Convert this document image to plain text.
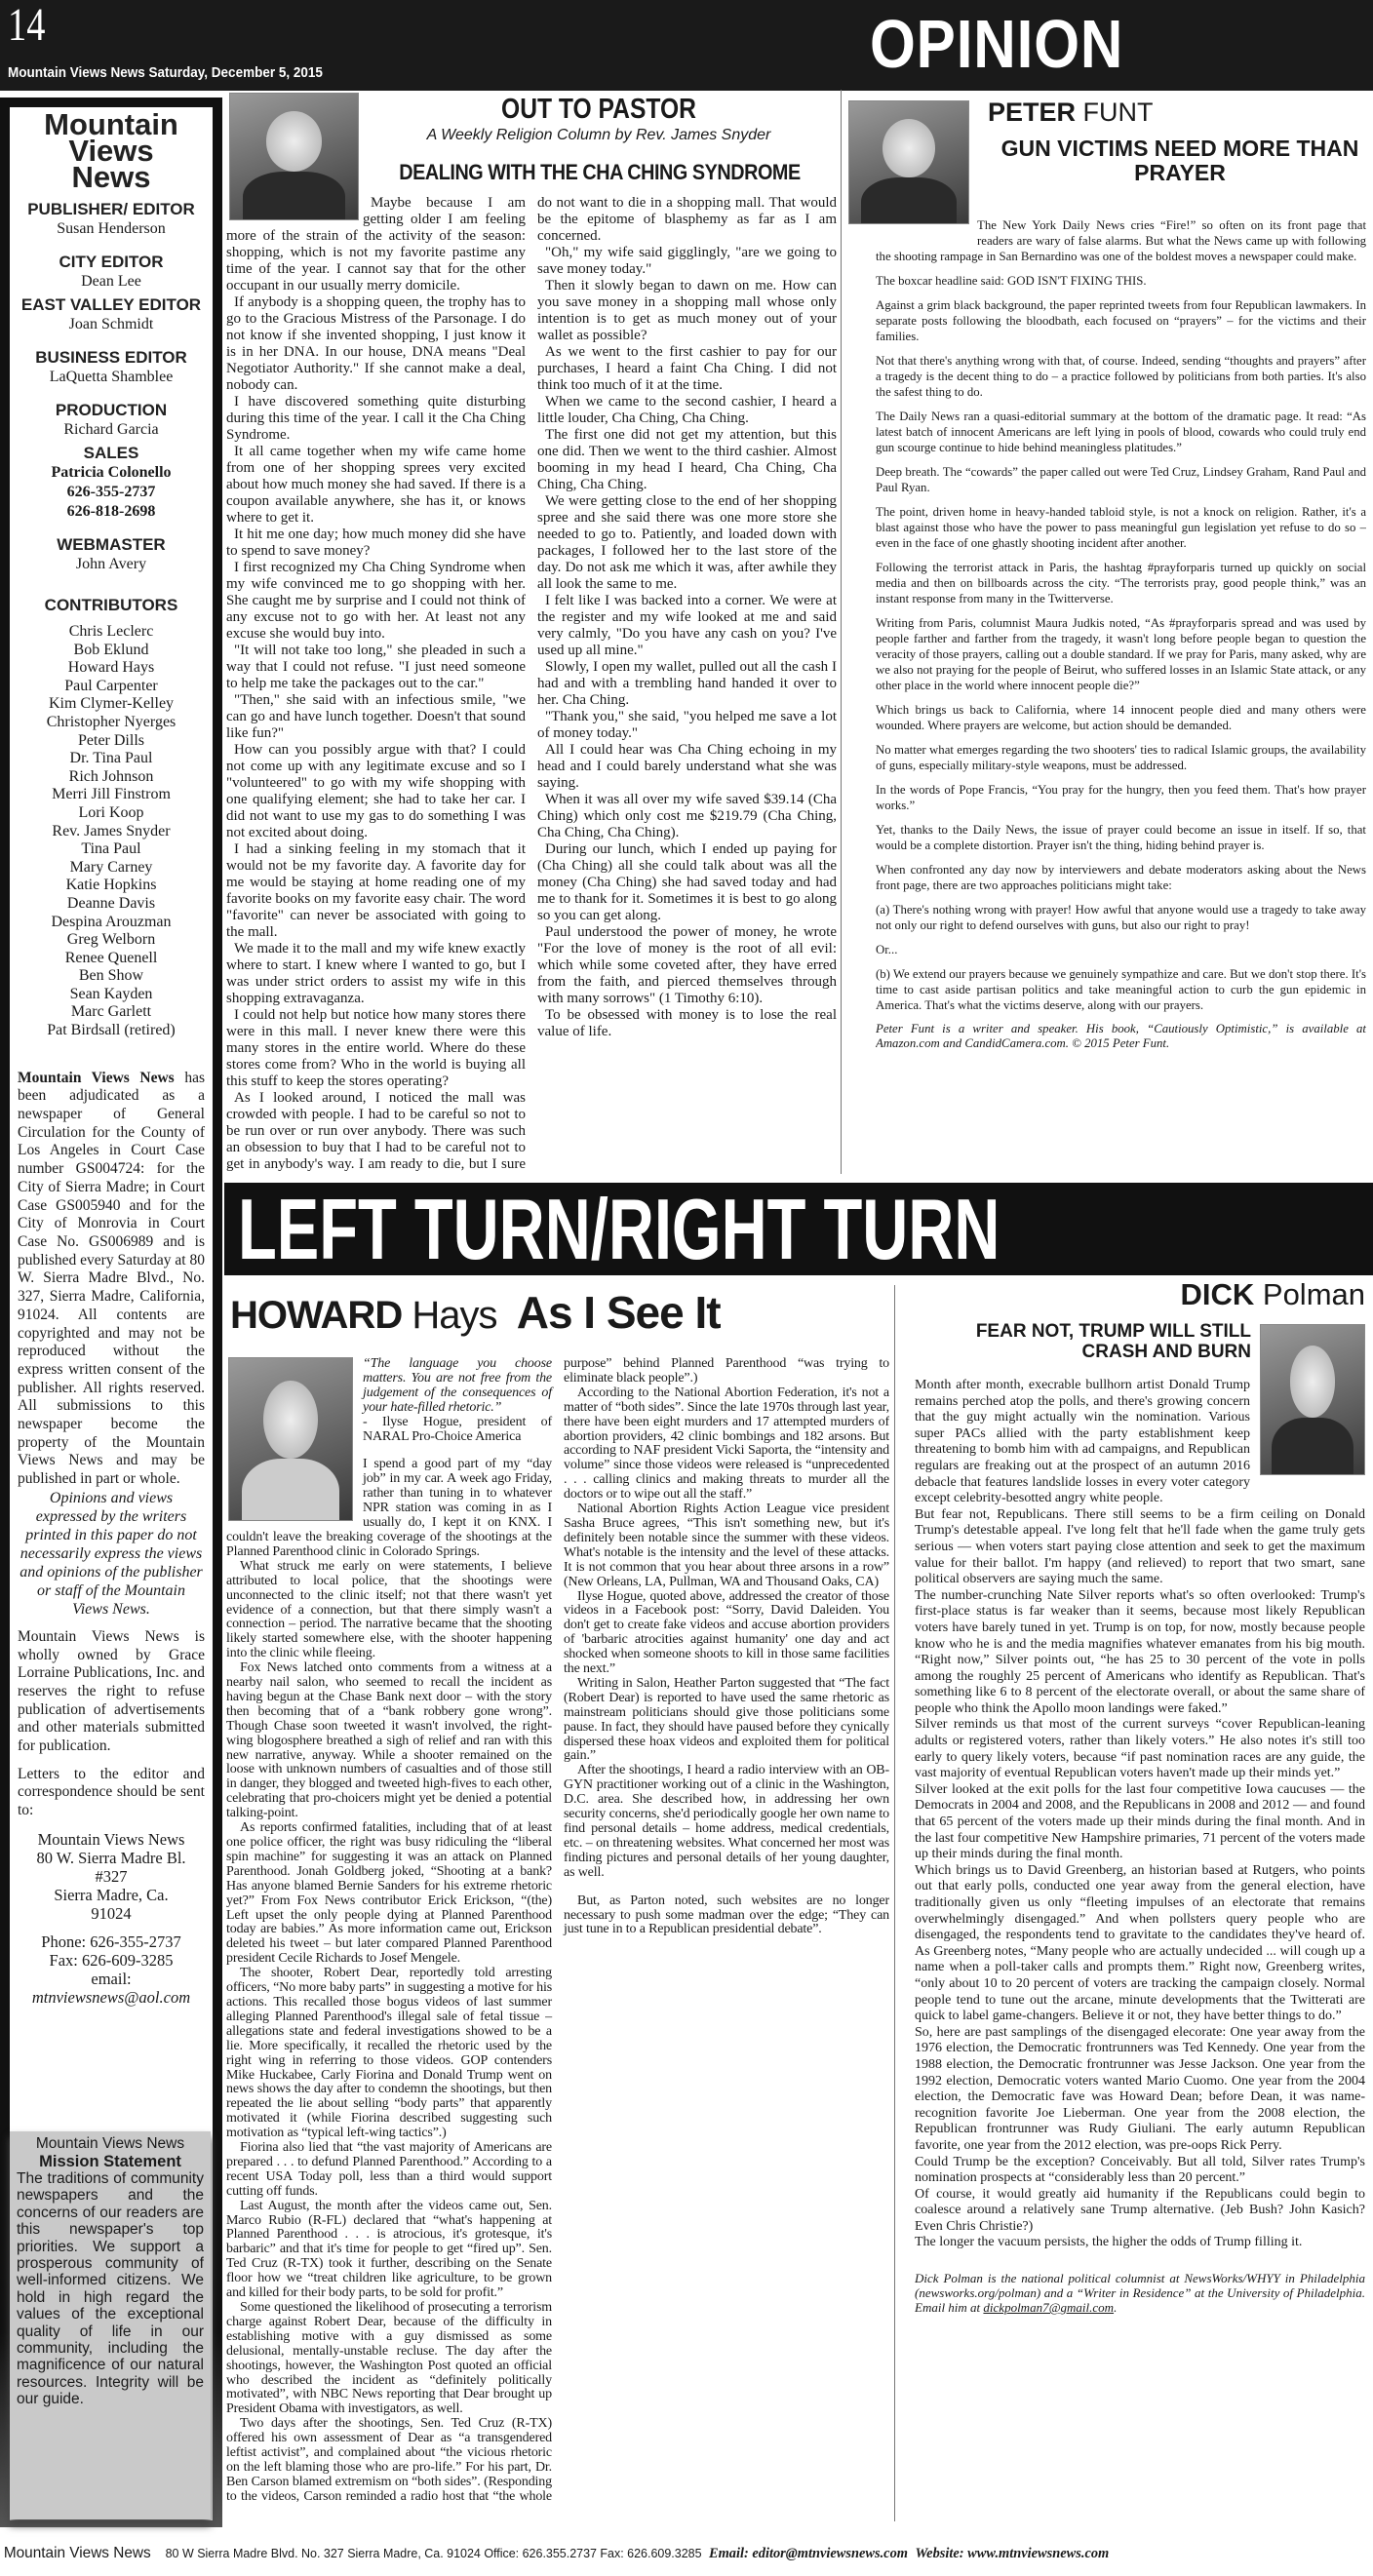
14
Mountain Views News Saturday, December 5, 2015	OPINION
Mountain
Views
News
PUBLISHER/ EDITOR
Susan Henderson
CITY EDITOR
Dean Lee
EAST VALLEY EDITOR
Joan Schmidt
BUSINESS EDITOR
LaQuetta Shamblee
PRODUCTION
Richard Garcia
SALES
Patricia Colonello
626-355-2737
626-818-2698
WEBMASTER
John Avery
CONTRIBUTORS
Chris Leclerc
Bob Eklund
Howard Hays
Paul Carpenter
Kim Clymer-Kelley
Christopher Nyerges
Peter Dills
Dr. Tina Paul
Rich Johnson
Merri Jill Finstrom
Lori Koop
Rev. James Snyder
Tina Paul
Mary Carney
Katie Hopkins
Deanne Davis
Despina Arouzman
Greg Welborn
Renee Quenell
Ben Show
Sean Kayden
Marc Garlett
Pat Birdsall (retired)

Mountain Views News has been adjudicated as a newspaper of General Circulation for the County of Los Angeles in Court Case number GS004724: for the City of Sierra Madre; in Court Case GS005940 and for the City of Monrovia in Court Case No. GS006989 and is published every Saturday at 80 W. Sierra Madre Blvd., No. 327, Sierra Madre, California, 91024. All contents are copyrighted and may not be reproduced without the express written consent of the publisher. All rights reserved. All submissions to this newspaper become the property of the Mountain Views News and may be published in part or whole.

Opinions and views expressed by the writers printed in this paper do not necessarily express the views and opinions of the publisher or staff of the Mountain Views News.

Mountain Views News is wholly owned by Grace Lorraine Publications, Inc. and reserves the right to refuse publication of advertisements and other materials submitted for publication.

Letters to the editor and correspondence should be sent to:

Mountain Views News
80 W. Sierra Madre Bl.
#327
Sierra Madre, Ca.
91024
Phone: 626-355-2737
Fax: 626-609-3285
email:
mtnviewsnews@aol.com
Mountain Views News
Mission Statement

The traditions of community newspapers and the concerns of our readers are this newspaper's top priorities. We support a prosperous community of well-informed citizens. We hold in high regard the values of the exceptional quality of life in our community, including the magnificence of our natural resources. Integrity will be our guide.

OUT TO PASTOR
A Weekly Religion Column by Rev. James Snyder
DEALING WITH THE CHA CHING SYNDROME

Maybe because I am getting older I am feeling more of the strain of the activity of the season: shopping, which is not my favorite pastime any time of the year. I cannot say that for the other occupant in our usually merry domicile.

If anybody is a shopping queen, the trophy has to go to the Gracious Mistress of the Parsonage. I do not know if she invented shopping, I just know it is in her DNA. In our house, DNA means "Deal Negotiator Authority." If she cannot make a deal, nobody can.

I have discovered something quite disturbing during this time of the year. I call it the Cha Ching Syndrome.

It all came together when my wife came home from one of her shopping sprees very excited about how much money she had saved. If there is a coupon available anywhere, she has it, or knows where to get it.

It hit me one day; how much money did she have to spend to save money?

I first recognized my Cha Ching Syndrome when my wife convinced me to go shopping with her. She caught me by surprise and I could not think of any excuse not to go with her. At least not any excuse she would buy into.

"It will not take too long," she pleaded in such a way that I could not refuse. "I just need someone to help me take the packages out to the car."

"Then," she said with an infectious smile, "we can go and have lunch together. Doesn't that sound like fun?"

How can you possibly argue with that? I could not come up with any legitimate excuse and so I "volunteered" to go with my wife shopping with one qualifying element; she had to take her car. I did not want to use my gas to do something I was not excited about doing.

I had a sinking feeling in my stomach that it would not be my favorite day. A favorite day for me would be staying at home reading one of my favorite books on my favorite easy chair. The word "favorite" can never be associated with going to the mall.

We made it to the mall and my wife knew exactly where to start. I knew where I wanted to go, but I was under strict orders to assist my wife in this shopping extravaganza.

I could not help but notice how many stores there were in this mall. I never knew there were this many stores in the entire world. Where do these stores come from? Who in the world is buying all this stuff to keep the stores operating?

As I looked around, I noticed the mall was crowded with people. I had to be careful so not to be run over or run over anybody. There was such an obsession to buy that I had to be careful not to get in anybody's way. I am ready to die, but I sure do not want to die in a shopping mall. That would be the epitome of blasphemy as far as I am concerned.

"Oh," my wife said gigglingly, "are we going to save money today."

Then it slowly began to dawn on me. How can you save money in a shopping mall whose only intention is to get as much money out of your wallet as possible?

As we went to the first cashier to pay for our purchases, I heard a faint Cha Ching. I did not think too much of it at the time.

When we came to the second cashier, I heard a little louder, Cha Ching, Cha Ching.

The first one did not get my attention, but this one did. Then we went to the third cashier. Almost booming in my head I heard, Cha Ching, Cha Ching, Cha Ching.

We were getting close to the end of her shopping spree and she said there was one more store she needed to go to. Patiently, and loaded down with packages, I followed her to the last store of the day. Do not ask me which it was, after awhile they all look the same to me.

I felt like I was backed into a corner. We were at the register and my wife looked at me and said very calmly, "Do you have any cash on you? I've used up all mine."

Slowly, I open my wallet, pulled out all the cash I had and with a trembling hand handed it over to her. Cha Ching.

"Thank you," she said, "you helped me save a lot of money today."

All I could hear was Cha Ching echoing in my head and I could barely understand what she was saying.

When it was all over my wife saved $39.14 (Cha Ching) which only cost me $219.79 (Cha Ching, Cha Ching, Cha Ching).

During our lunch, which I ended up paying for (Cha Ching) all she could talk about was all the money (Cha Ching) she had saved today and had me to thank for it. Sometimes it is best to go along so you can get along.

Paul understood the power of money, he wrote "For the love of money is the root of all evil: which while some coveted after, they have erred from the faith, and pierced themselves through with many sorrows" (1 Timothy 6:10).

To be obsessed with money is to lose the real value of life.

PETER FUNT
GUN VICTIMS NEED MORE THAN PRAYER

The New York Daily News cries “Fire!” so often on its front page that readers are wary of false alarms. But what the News came up with following the shooting rampage in San Bernardino was one of the boldest moves a newspaper could make.

The boxcar headline said: GOD ISN'T FIXING THIS.

Against a grim black background, the paper reprinted tweets from four Republican lawmakers. In separate posts following the bloodbath, each focused on “prayers” – for the victims and their families.

Not that there's anything wrong with that, of course. Indeed, sending “thoughts and prayers” after a tragedy is the decent thing to do – a practice followed by politicians from both parties. It's also the safest thing to do.

The Daily News ran a quasi-editorial summary at the bottom of the dramatic page. It read: “As latest batch of innocent Americans are left lying in pools of blood, cowards who could truly end gun scourge continue to hide behind meaningless platitudes.”

Deep breath. The “cowards” the paper called out were Ted Cruz, Lindsey Graham, Rand Paul and Paul Ryan.

The point, driven home in heavy-handed tabloid style, is not a knock on religion. Rather, it's a blast against those who have the power to pass meaningful gun legislation yet refuse to do so – even in the face of one ghastly shooting incident after another.

Following the terrorist attack in Paris, the hashtag #prayforparis turned up quickly on social media and then on billboards across the city. “The terrorists pray, good people think,” was an instant response from many in the Twitterverse.

Writing from Paris, columnist Maura Judkis noted, “As #prayforparis spread and was used by people farther and farther from the tragedy, it wasn't long before people began to question the veracity of those prayers, calling out a double standard. If we pray for Paris, many asked, why are we also not praying for the people of Beirut, who suffered losses in an Islamic State attack, or any other place in the world where innocent people die?”

Which brings us back to California, where 14 innocent people died and many others were wounded. Where prayers are welcome, but action should be demanded.

No matter what emerges regarding the two shooters' ties to radical Islamic groups, the availability of guns, especially military-style weapons, must be addressed.

In the words of Pope Francis, “You pray for the hungry, then you feed them. That's how prayer works.”

Yet, thanks to the Daily News, the issue of prayer could become an issue in itself. If so, that would be a complete distortion. Prayer isn't the thing, hiding behind prayer is.

When confronted any day now by interviewers and debate moderators asking about the News front page, there are two approaches politicians might take:

(a) There's nothing wrong with prayer! How awful that anyone would use a tragedy to take away not only our right to defend ourselves with guns, but also our right to pray!

Or...

(b) We extend our prayers because we genuinely sympathize and care. But we don't stop there. It's time to cast aside partisan politics and take meaningful action to curb the gun epidemic in America. That's what the victims deserve, along with our prayers.

Peter Funt is a writer and speaker. His book, “Cautiously Optimistic,” is available at Amazon.com and CandidCamera.com. © 2015 Peter Funt.

LEFT TURN/RIGHT TURN
HOWARD Hays As I See It

“The language you choose matters. You are not free from the judgement of the consequences of your hate-filled rhetoric.”

- Ilyse Hogue, president of NARAL Pro-Choice America

I spend a good part of my “day job” in my car. A week ago Friday, rather than tuning in to whatever NPR station was coming in as I usually do, I kept it on KNX. I couldn't leave the breaking coverage of the shootings at the Planned Parenthood clinic in Colorado Springs.

What struck me early on were statements, I believe attributed to local police, that the shootings were unconnected to the clinic itself; not that there wasn't yet evidence of a connection, but that there simply wasn't a connection – period. The narrative became that the shooting likely started somewhere else, with the shooter happening into the clinic while fleeing.

Fox News latched onto comments from a witness at a nearby nail salon, who seemed to recall the incident as having begun at the Chase Bank next door – with the story then becoming that of a “bank robbery gone wrong”. Though Chase soon tweeted it wasn't involved, the right-wing blogosphere breathed a sigh of relief and ran with this new narrative, anyway. While a shooter remained on the loose with unknown numbers of casualties and of those still in danger, they blogged and tweeted high-fives to each other, celebrating that pro-choicers might yet be denied a potential talking-point.

As reports confirmed fatalities, including that of at least one police officer, the right was busy ridiculing the “liberal spin machine” for suggesting it was an attack on Planned Parenthood. Jonah Goldberg joked, “Shooting at a bank? Has anyone blamed Bernie Sanders for his extreme rhetoric yet?” From Fox News contributor Erick Erickson, “(the) Left upset the only people dying at Planned Parenthood today are babies.” As more information came out, Erickson deleted his tweet – but later compared Planned Parenthood president Cecile Richards to Josef Mengele.

The shooter, Robert Dear, reportedly told arresting officers, “No more baby parts” in suggesting a motive for his actions. This recalled those bogus videos of last summer alleging Planned Parenthood's illegal sale of fetal tissue – allegations state and federal investigations showed to be a lie. More specifically, it recalled the rhetoric used by the right wing in referring to those videos. GOP contenders Mike Huckabee, Carly Fiorina and Donald Trump went on news shows the day after to condemn the shootings, but then repeated the lie about selling “body parts” that apparently motivated it (while Fiorina described suggesting such motivation as “typical left-wing tactics”.)

Fiorina also lied that “the vast majority of Americans are prepared . . . to defund Planned Parenthood.” According to a recent USA Today poll, less than a third would support cutting off funds.

Last August, the month after the videos came out, Sen. Marco Rubio (R-FL) declared that “what's happening at Planned Parenthood . . . is atrocious, it's grotesque, it's barbaric” and that it's time for people to get “fired up”. Sen. Ted Cruz (R-TX) took it further, describing on the Senate floor how we “treat children like agriculture, to be grown and killed for their body parts, to be sold for profit.”

Some questioned the likelihood of prosecuting a terrorism charge against Robert Dear, because of the difficulty in establishing motive with a guy dismissed as some delusional, mentally-unstable recluse. The day after the shootings, however, the Washington Post quoted an official who described the incident as “definitely politically motivated”, with NBC News reporting that Dear brought up President Obama with investigators, as well.

Two days after the shootings, Sen. Ted Cruz (R-TX) offered his own assessment of Dear as “a transgendered leftist activist”, and complained about “the vicious rhetoric on the left blaming those who are pro-life.” For his part, Dr. Ben Carson blamed extremism on “both sides”. (Responding to the videos, Carson reminded a radio host that “the whole purpose” behind Planned Parenthood “was trying to eliminate black people”.)

According to the National Abortion Federation, it's not a matter of “both sides”. Since the late 1970s through last year, there have been eight murders and 17 attempted murders of abortion providers, 42 clinic bombings and 182 arsons. But according to NAF president Vicki Saporta, the “intensity and volume” since those videos were released is “unprecedented . . . calling clinics and making threats to murder all the doctors or to wipe out all the staff.”

National Abortion Rights Action League vice president Sasha Bruce agrees, “This isn't something new, but it's definitely been notable since the summer with these videos. What's notable is the intensity and the level of these attacks. It is not common that you hear about three arsons in a row” (New Orleans, LA, Pullman, WA and Thousand Oaks, CA)

Ilyse Hogue, quoted above, addressed the creator of those videos in a Facebook post: “Sorry, David Daleiden. You don't get to create fake videos and accuse abortion providers of 'barbaric atrocities against humanity' one day and act shocked when someone shoots to kill in those same facilities the next.”

Writing in Salon, Heather Parton suggested that “The fact (Robert Dear) is reported to have used the same rhetoric as mainstream politicians should give those politicians some pause. In fact, they should have paused before they cynically dispersed these hoax videos and exploited them for political gain.”

After the shootings, I heard a radio interview with an OB-GYN practitioner working out of a clinic in the Washington, D.C. area. She described how, in addressing her own security concerns, she'd periodically google her own name to find personal details – home address, medical credentials, etc. – on threatening websites. What concerned her most was finding pictures and personal details of her young daughter, as well.

But, as Parton noted, such websites are no longer necessary to push some madman over the edge; “They can just tune in to a Republican presidential debate”.

DICK Polman
FEAR NOT, TRUMP WILL STILL CRASH AND BURN

Month after month, execrable bullhorn artist Donald Trump remains perched atop the polls, and there's growing concern that the guy might actually win the nomination. Various super PACs allied with the party establishment keep threatening to bomb him with ad campaigns, and Republican regulars are freaking out at the prospect of an autumn 2016 debacle that features landslide losses in every voter category except celebrity-besotted angry white people.

But fear not, Republicans. There still seems to be a firm ceiling on Donald Trump's detestable appeal. I've long felt that he'll fade when the game truly gets serious — when voters start paying close attention and seek to get the maximum value for their ballot. I'm happy (and relieved) to report that two smart, sane political observers are saying much the same.

The number-crunching Nate Silver reports what's so often overlooked: Trump's first-place status is far weaker than it seems, because most likely Republican voters have barely tuned in yet. Trump is on top, for now, mostly because people know who he is and the media magnifies whatever emanates from his big mouth. “Right now,” Silver points out, “he has 25 to 30 percent of the vote in polls among the roughly 25 percent of Americans who identify as Republican. That's something like 6 to 8 percent of the electorate overall, or about the same share of people who think the Apollo moon landings were faked.”

Silver reminds us that most of the current surveys “cover Republican-leaning adults or registered voters, rather than likely voters.” He also notes it's still too early to query likely voters, because “if past nomination races are any guide, the vast majority of eventual Republican voters haven't made up their minds yet.”

Silver looked at the exit polls for the last four competitive Iowa caucuses — the Democrats in 2004 and 2008, and the Republicans in 2008 and 2012 — and found that 65 percent of the voters made up their minds during the final month. And in the last four competitive New Hampshire primaries, 71 percent of the voters made up their minds during the final month.

Which brings us to David Greenberg, an historian based at Rutgers, who points out that early polls, conducted one year away from the general election, have traditionally given us only “fleeting impulses of an electorate that remains overwhelmingly disengaged.” And when pollsters query people who are disengaged, the respondents tend to gravitate to the candidates they've heard of. As Greenberg notes, “Many people who are actually undecided ... will cough up a name when a poll-taker calls and prompts them.” Right now, Greenberg writes, “only about 10 to 20 percent of voters are tracking the campaign closely. Normal people tend to tune out the arcane, minute developments that the Twitterati are quick to label game-changers. Believe it or not, they have better things to do.”

So, here are past samplings of the disengaged elecorate: One year away from the 1976 election, the Democratic frontrunners was Ted Kennedy. One year from the 1988 election, the Democratic frontrunner was Jesse Jackson. One year from the 1992 election, Democratic voters wanted Mario Cuomo. One year from the 2004 election, the Democratic fave was Howard Dean; before Dean, it was name-recognition favorite Joe Lieberman. One year from the 2008 election, the Republican frontrunner was Rudy Giuliani. The early autumn Republican favorite, one year from the 2012 election, was pre-oops Rick Perry.

Could Trump be the exception? Conceivably. But all told, Silver rates Trump's nomination prospects at “considerably less than 20 percent.”

Of course, it would greatly aid humanity if the Republicans could begin to coalesce around a relatively sane Trump alternative. (Jeb Bush? John Kasich? Even Chris Christie?)

The longer the vacuum persists, the higher the odds of Trump filling it.

Dick Polman is the national political columnist at NewsWorks/WHYY in Philadelphia (newsworks.org/polman) and a “Writer in Residence” at the University of Philadelphia. Email him at dickpolman7@gmail.com.

Mountain Views News 80 W Sierra Madre Blvd. No. 327 Sierra Madre, Ca. 91024 Office: 626.355.2737 Fax: 626.609.3285 Email: editor@mtnviewsnews.com Website: www.mtnviewsnews.com
